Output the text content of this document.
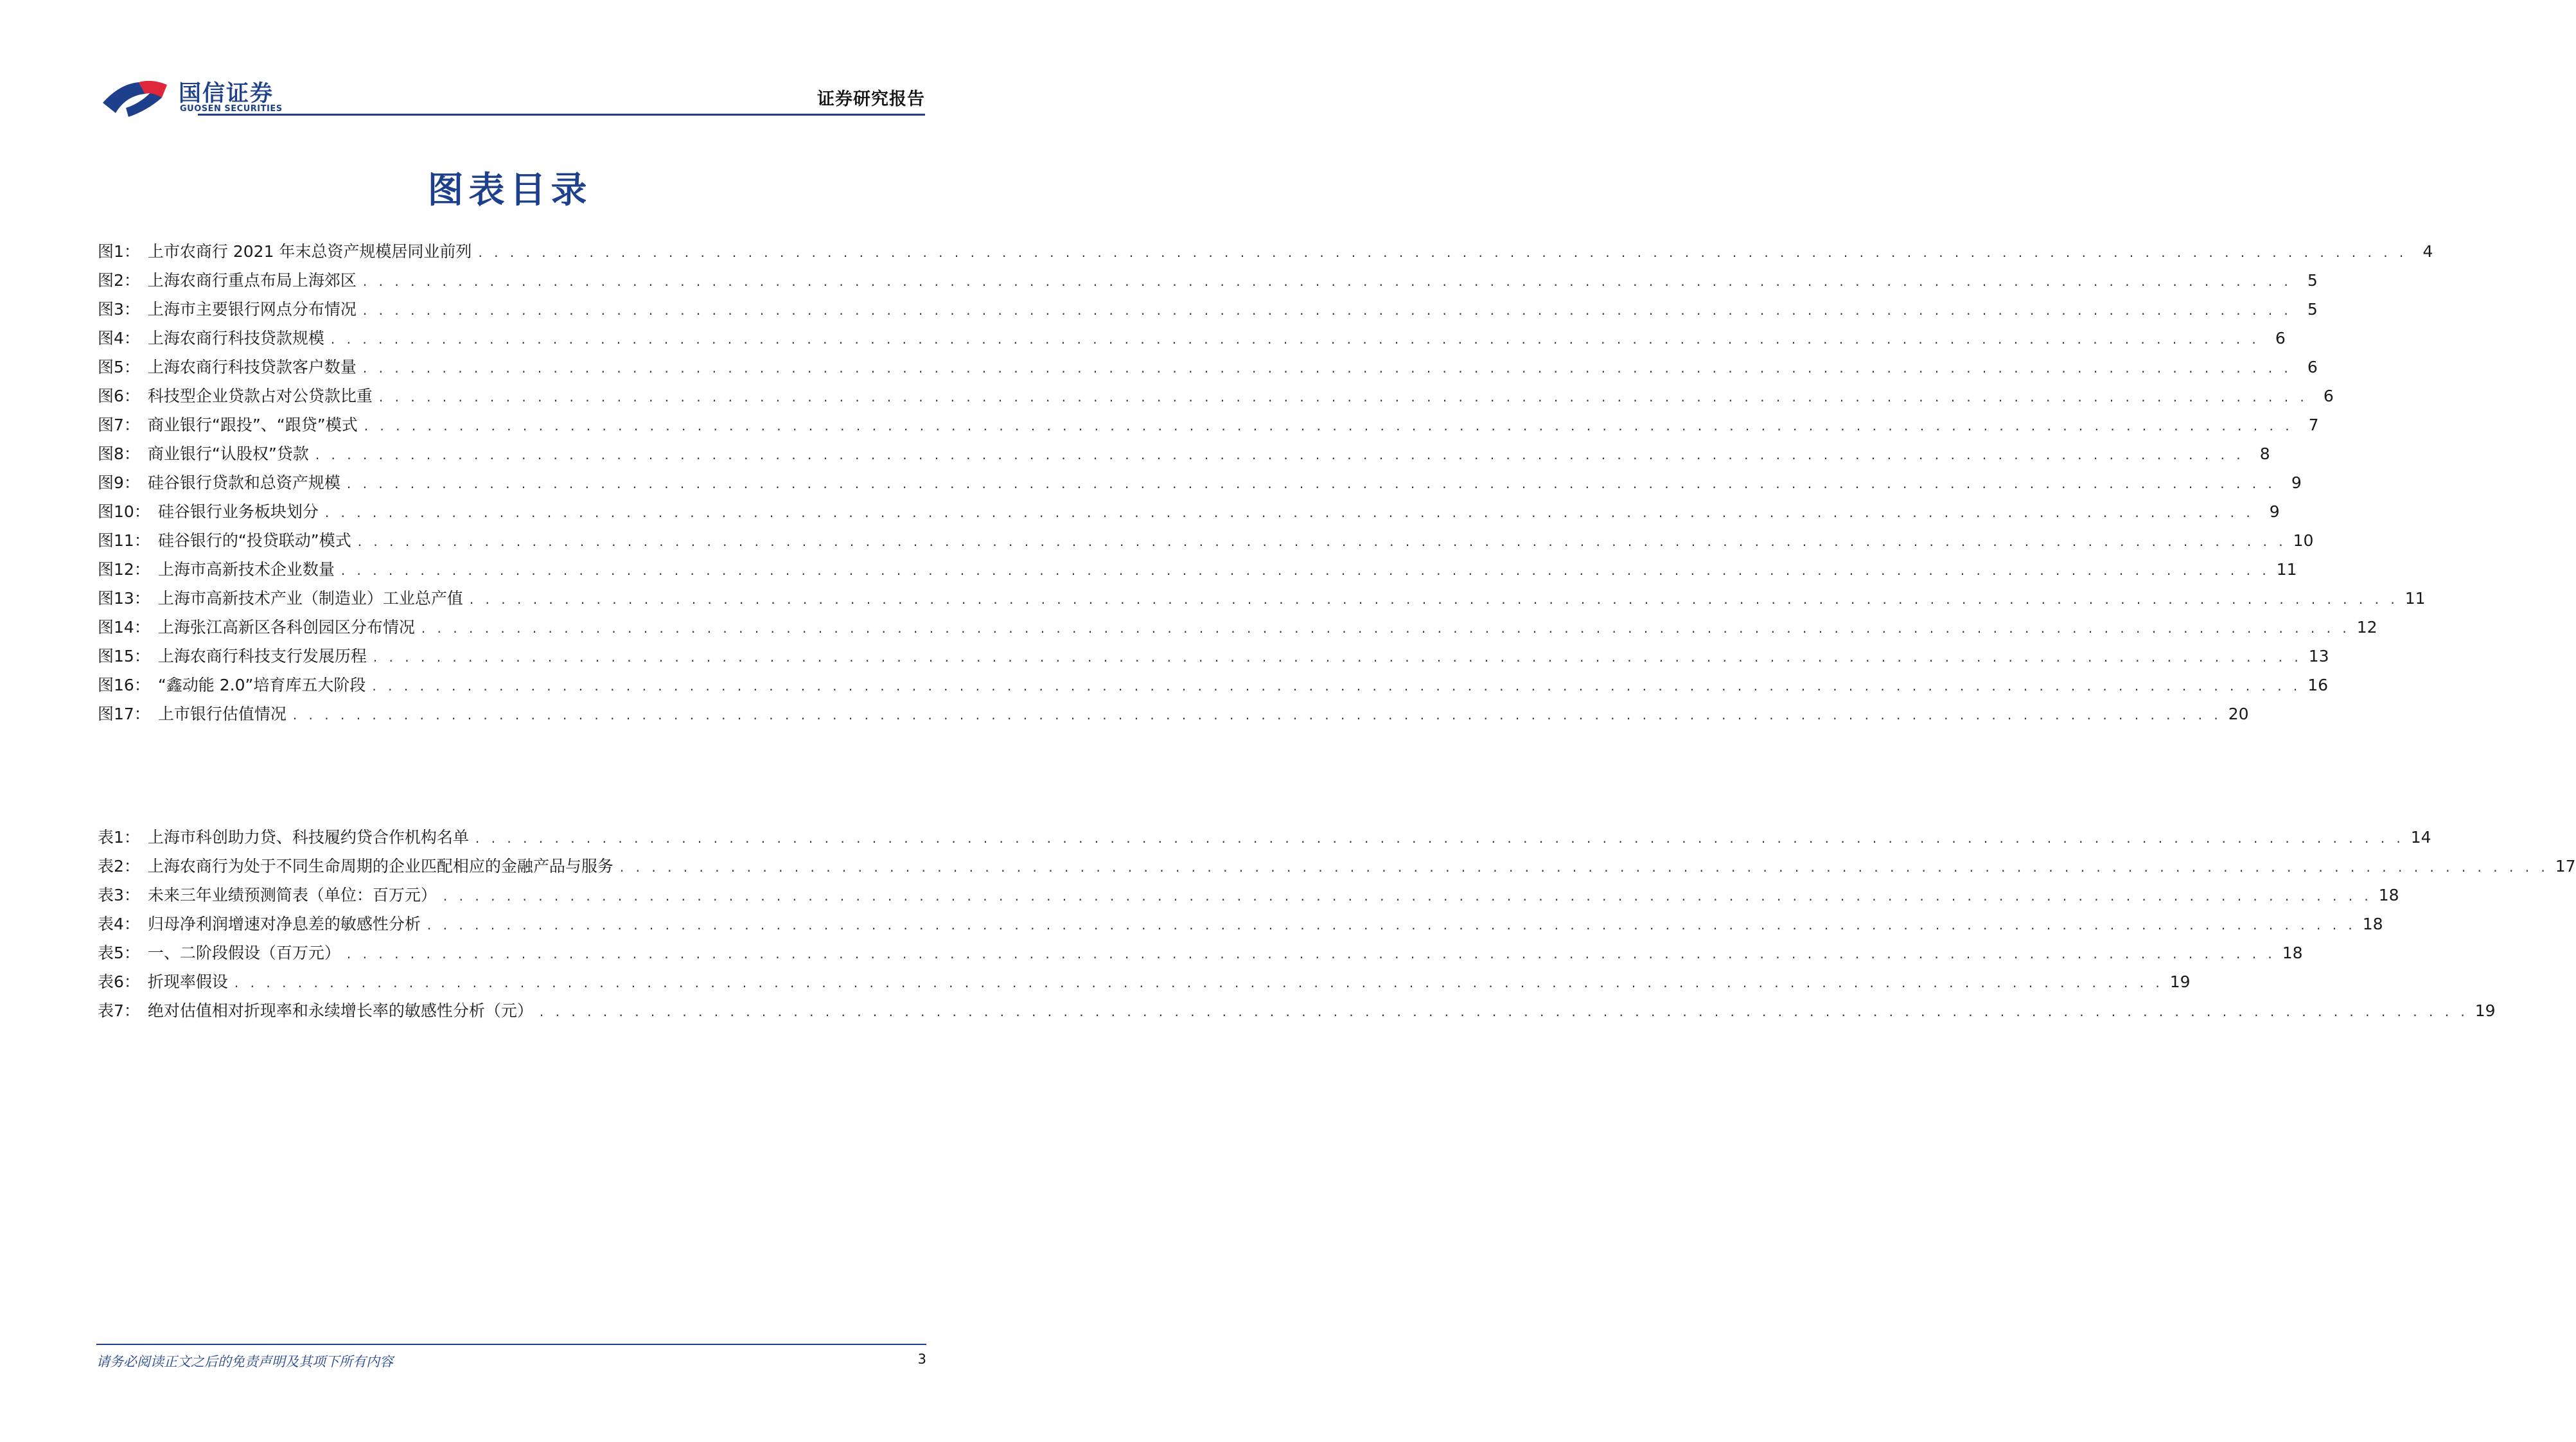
国信证券
GUOSEN SECURITIES	证券研究报告
图表目录
图1： 上市农商行 2021 年末总资产规模居同业前列 . . . . . . . . . . . . . . . . . . . . . . . . . . . . . . . . . . . . . . . . . . . . . . . . . . . . . . . . . . . . . . . . . . . . . . . . . . . . . . . . . . . . . . . . . . . . . . . . . . . . . . . . . . . . . . . . . . . . . . . . . . 4
图2： 上海农商行重点布局上海郊区 . . . . . . . . . . . . . . . . . . . . . . . . . . . . . . . . . . . . . . . . . . . . . . . . . . . . . . . . . . . . . . . . . . . . . . . . . . . . . . . . . . . . . . . . . . . . . . . . . . . . . . . . . . . . . . . . . . . . . . . . . . 5
图3： 上海市主要银行网点分布情况 . . . . . . . . . . . . . . . . . . . . . . . . . . . . . . . . . . . . . . . . . . . . . . . . . . . . . . . . . . . . . . . . . . . . . . . . . . . . . . . . . . . . . . . . . . . . . . . . . . . . . . . . . . . . . . . . . . . . . . . . . . 5
图4： 上海农商行科技贷款规模 . . . . . . . . . . . . . . . . . . . . . . . . . . . . . . . . . . . . . . . . . . . . . . . . . . . . . . . . . . . . . . . . . . . . . . . . . . . . . . . . . . . . . . . . . . . . . . . . . . . . . . . . . . . . . . . . . . . . . . . . . . 6
图5： 上海农商行科技贷款客户数量 . . . . . . . . . . . . . . . . . . . . . . . . . . . . . . . . . . . . . . . . . . . . . . . . . . . . . . . . . . . . . . . . . . . . . . . . . . . . . . . . . . . . . . . . . . . . . . . . . . . . . . . . . . . . . . . . . . . . . . . . . . 6
图6： 科技型企业贷款占对公贷款比重 . . . . . . . . . . . . . . . . . . . . . . . . . . . . . . . . . . . . . . . . . . . . . . . . . . . . . . . . . . . . . . . . . . . . . . . . . . . . . . . . . . . . . . . . . . . . . . . . . . . . . . . . . . . . . . . . . . . . . . . . . . 6
图7： 商业银行“跟投”、“跟贷”模式 . . . . . . . . . . . . . . . . . . . . . . . . . . . . . . . . . . . . . . . . . . . . . . . . . . . . . . . . . . . . . . . . . . . . . . . . . . . . . . . . . . . . . . . . . . . . . . . . . . . . . . . . . . . . . . . . . . . . . . . . . . 7
图8： 商业银行“认股权”贷款 . . . . . . . . . . . . . . . . . . . . . . . . . . . . . . . . . . . . . . . . . . . . . . . . . . . . . . . . . . . . . . . . . . . . . . . . . . . . . . . . . . . . . . . . . . . . . . . . . . . . . . . . . . . . . . . . . . . . . . . . . . 8
图9： 硅谷银行贷款和总资产规模 . . . . . . . . . . . . . . . . . . . . . . . . . . . . . . . . . . . . . . . . . . . . . . . . . . . . . . . . . . . . . . . . . . . . . . . . . . . . . . . . . . . . . . . . . . . . . . . . . . . . . . . . . . . . . . . . . . . . . . . . . . 9
图10： 硅谷银行业务板块划分 . . . . . . . . . . . . . . . . . . . . . . . . . . . . . . . . . . . . . . . . . . . . . . . . . . . . . . . . . . . . . . . . . . . . . . . . . . . . . . . . . . . . . . . . . . . . . . . . . . . . . . . . . . . . . . . . . . . . . . . . . . 9
图11： 硅谷银行的“投贷联动”模式 . . . . . . . . . . . . . . . . . . . . . . . . . . . . . . . . . . . . . . . . . . . . . . . . . . . . . . . . . . . . . . . . . . . . . . . . . . . . . . . . . . . . . . . . . . . . . . . . . . . . . . . . . . . . . . . . . . . . . . . . . . 10
图12： 上海市高新技术企业数量 . . . . . . . . . . . . . . . . . . . . . . . . . . . . . . . . . . . . . . . . . . . . . . . . . . . . . . . . . . . . . . . . . . . . . . . . . . . . . . . . . . . . . . . . . . . . . . . . . . . . . . . . . . . . . . . . . . . . . . . . . . 11
图13： 上海市高新技术产业（制造业）工业总产值 . . . . . . . . . . . . . . . . . . . . . . . . . . . . . . . . . . . . . . . . . . . . . . . . . . . . . . . . . . . . . . . . . . . . . . . . . . . . . . . . . . . . . . . . . . . . . . . . . . . . . . . . . . . . . . . . . . . . . . . . . . 11
图14： 上海张江高新区各科创园区分布情况 . . . . . . . . . . . . . . . . . . . . . . . . . . . . . . . . . . . . . . . . . . . . . . . . . . . . . . . . . . . . . . . . . . . . . . . . . . . . . . . . . . . . . . . . . . . . . . . . . . . . . . . . . . . . . . . . . . . . . . . . . . 12
图15： 上海农商行科技支行发展历程 . . . . . . . . . . . . . . . . . . . . . . . . . . . . . . . . . . . . . . . . . . . . . . . . . . . . . . . . . . . . . . . . . . . . . . . . . . . . . . . . . . . . . . . . . . . . . . . . . . . . . . . . . . . . . . . . . . . . . . . . . . 13
图16： “鑫动能 2.0”培育库五大阶段 . . . . . . . . . . . . . . . . . . . . . . . . . . . . . . . . . . . . . . . . . . . . . . . . . . . . . . . . . . . . . . . . . . . . . . . . . . . . . . . . . . . . . . . . . . . . . . . . . . . . . . . . . . . . . . . . . . . . . . . . . . 16
图17： 上市银行估值情况 . . . . . . . . . . . . . . . . . . . . . . . . . . . . . . . . . . . . . . . . . . . . . . . . . . . . . . . . . . . . . . . . . . . . . . . . . . . . . . . . . . . . . . . . . . . . . . . . . . . . . . . . . . . . . . . . . . . . . . . . . . 20
表1： 上海市科创助力贷、科技履约贷合作机构名单 . . . . . . . . . . . . . . . . . . . . . . . . . . . . . . . . . . . . . . . . . . . . . . . . . . . . . . . . . . . . . . . . . . . . . . . . . . . . . . . . . . . . . . . . . . . . . . . . . . . . . . . . . . . . . . . . . . . . . . . . . . 14
表2： 上海农商行为处于不同生命周期的企业匹配相应的金融产品与服务 . . . . . . . . . . . . . . . . . . . . . . . . . . . . . . . . . . . . . . . . . . . . . . . . . . . . . . . . . . . . . . . . . . . . . . . . . . . . . . . . . . . . . . . . . . . . . . . . . . . . . . . . . . . . . . . . . . . . . . . . . . 17
表3： 未来三年业绩预测简表（单位：百万元） . . . . . . . . . . . . . . . . . . . . . . . . . . . . . . . . . . . . . . . . . . . . . . . . . . . . . . . . . . . . . . . . . . . . . . . . . . . . . . . . . . . . . . . . . . . . . . . . . . . . . . . . . . . . . . . . . . . . . . . . . . 18
表4： 归母净利润增速对净息差的敏感性分析 . . . . . . . . . . . . . . . . . . . . . . . . . . . . . . . . . . . . . . . . . . . . . . . . . . . . . . . . . . . . . . . . . . . . . . . . . . . . . . . . . . . . . . . . . . . . . . . . . . . . . . . . . . . . . . . . . . . . . . . . . . 18
表5： 一、二阶段假设（百万元） . . . . . . . . . . . . . . . . . . . . . . . . . . . . . . . . . . . . . . . . . . . . . . . . . . . . . . . . . . . . . . . . . . . . . . . . . . . . . . . . . . . . . . . . . . . . . . . . . . . . . . . . . . . . . . . . . . . . . . . . . . 18
表6： 折现率假设 . . . . . . . . . . . . . . . . . . . . . . . . . . . . . . . . . . . . . . . . . . . . . . . . . . . . . . . . . . . . . . . . . . . . . . . . . . . . . . . . . . . . . . . . . . . . . . . . . . . . . . . . . . . . . . . . . . . . . . . . . . 19
表7： 绝对估值相对折现率和永续增长率的敏感性分析（元） . . . . . . . . . . . . . . . . . . . . . . . . . . . . . . . . . . . . . . . . . . . . . . . . . . . . . . . . . . . . . . . . . . . . . . . . . . . . . . . . . . . . . . . . . . . . . . . . . . . . . . . . . . . . . . . . . . . . . . . . . . 19
请务必阅读正文之后的免责声明及其项下所有内容	3
